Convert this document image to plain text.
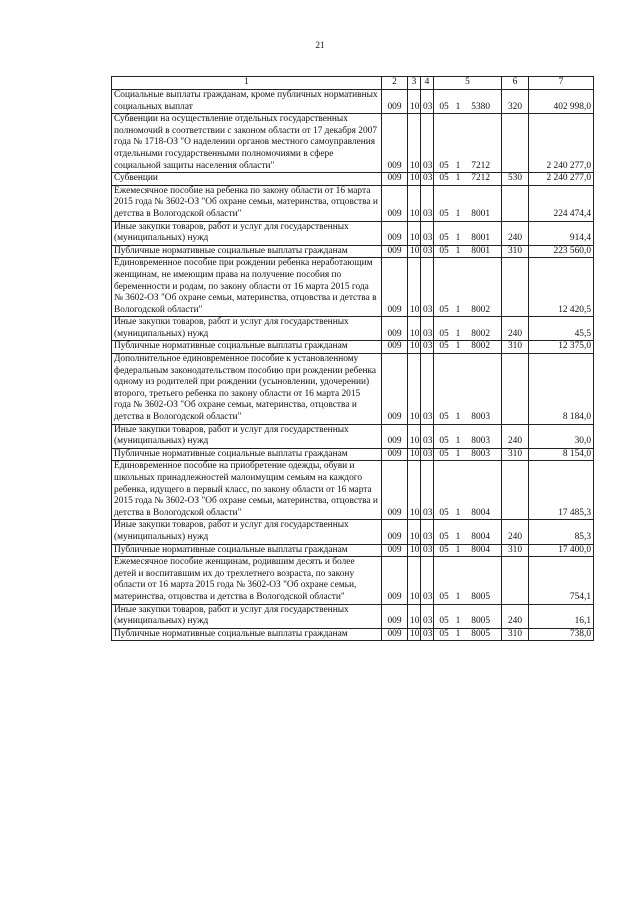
21
1	2	3	4	5	6	7
Социальные выплаты гражданам, кроме публичных нормативных социальных выплат	009	10	03	05 1 5380	320	402 998,0
Субвенции на осуществление отдельных государственных полномочий в соответствии с законом области от 17 декабря 2007 года № 1718-ОЗ "О наделении органов местного самоуправления отдельными государственными полномочиями в сфере социальной защиты населения области"	009	10	03	05 1 7212		2 240 277,0
Субвенции	009	10	03	05 1 7212	530	2 240 277,0
Ежемесячное пособие на ребенка по закону области от 16 марта 2015 года № 3602-ОЗ "Об охране семьи, материнства, отцовства и детства в Вологодской области"	009	10	03	05 1 8001		224 474,4
Иные закупки товаров, работ и услуг для государственных (муниципальных) нужд	009	10	03	05 1 8001	240	914,4
Публичные нормативные социальные выплаты гражданам	009	10	03	05 1 8001	310	223 560,0
Единовременное пособие при рождении ребенка неработающим женщинам, не имеющим права на получение пособия по беременности и родам, по закону области от 16 марта 2015 года № 3602-ОЗ "Об охране семьи, материнства, отцовства и детства в Вологодской области"	009	10	03	05 1 8002		12 420,5
Иные закупки товаров, работ и услуг для государственных (муниципальных) нужд	009	10	03	05 1 8002	240	45,5
Публичные нормативные социальные выплаты гражданам	009	10	03	05 1 8002	310	12 375,0
Дополнительное единовременное пособие к установленному федеральным законодательством пособию при рождении ребенка одному из родителей при рождении (усыновлении, удочерении) второго, третьего ребенка по закону области от 16 марта 2015 года № 3602-ОЗ "Об охране семьи, материнства, отцовства и детства в Вологодской области"	009	10	03	05 1 8003		8 184,0
Иные закупки товаров, работ и услуг для государственных (муниципальных) нужд	009	10	03	05 1 8003	240	30,0
Публичные нормативные социальные выплаты гражданам	009	10	03	05 1 8003	310	8 154,0
Единовременное пособие на приобретение одежды, обуви и школьных принадлежностей малоимущим семьям на каждого ребенка, идущего в первый класс, по закону области от 16 марта 2015 года № 3602-ОЗ "Об охране семьи, материнства, отцовства и детства в Вологодской области"	009	10	03	05 1 8004		17 485,3
Иные закупки товаров, работ и услуг для государственных (муниципальных) нужд	009	10	03	05 1 8004	240	85,3
Публичные нормативные социальные выплаты гражданам	009	10	03	05 1 8004	310	17 400,0
Ежемесячное пособие женщинам, родившим десять и более детей и воспитавшим их до трехлетнего возраста, по закону области от 16 марта 2015 года № 3602-ОЗ "Об охране семьи, материнства, отцовства и детства в Вологодской области"	009	10	03	05 1 8005		754,1
Иные закупки товаров, работ и услуг для государственных (муниципальных) нужд	009	10	03	05 1 8005	240	16,1
Публичные нормативные социальные выплаты гражданам	009	10	03	05 1 8005	310	738,0
